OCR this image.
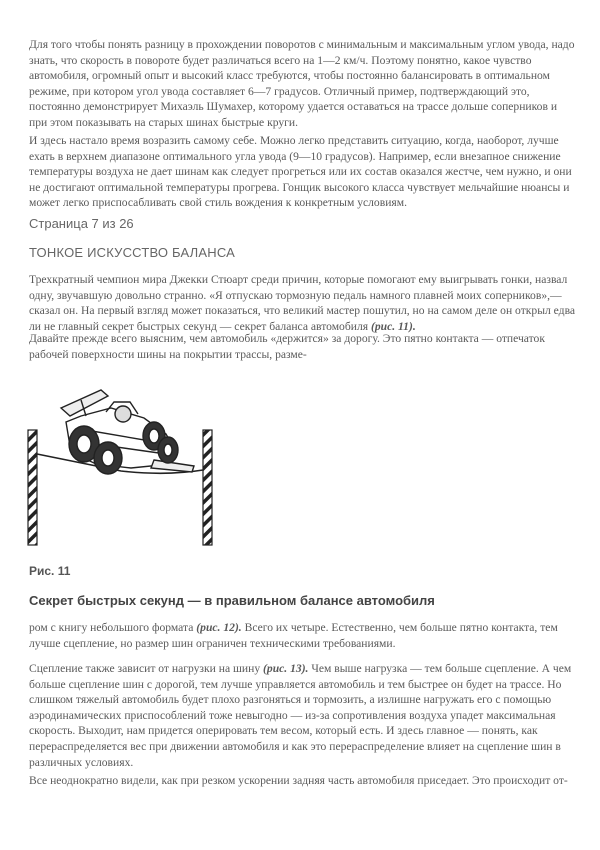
Для того чтобы понять разницу в прохождении поворотов с минимальным и максимальным углом увода, надо знать, что скорость в повороте будет различаться всего на 1—2 км/ч. Поэтому понятно, какое чувство автомобиля, огромный опыт и высокий класс требуются, чтобы постоянно балансировать в оптимальном режиме, при котором угол увода составляет 6—7 градусов. Отличный пример, подтверждающий это, постоянно демонстрирует Михаэль Шумахер, которому удается оставаться на трассе дольше соперников и при этом показывать на старых шинах быстрые круги.

И здесь настало время возразить самому себе. Можно легко представить ситуацию, когда, наоборот, лучше ехать в верхнем диапазоне оптимального угла увода (9—10 градусов). Например, если внезапное снижение температуры воздуха не дает шинам как следует прогреться или их состав оказался жестче, чем нужно, и они не достигают оптимальной температуры прогрева. Гонщик высокого класса чувствует мельчайшие нюансы и может легко приспосабливать свой стиль вождения к конкретным условиям.

Страница 7 из 26
ТОНКОЕ ИСКУССТВО БАЛАНСА

Трехкратный чемпион мира Джекки Стюарт среди причин, которые помогают ему выигрывать гонки, назвал одну, звучавшую довольно странно. «Я отпускаю тормозную педаль намного плавней моих соперников»,— сказал он. На первый взгляд может показаться, что великий мастер пошутил, но на самом деле он открыл едва ли не главный секрет быстрых секунд — секрет баланса автомобиля (рис. 11).

Давайте прежде всего выясним, чем автомобиль «держится» за дорогу. Это пятно контакта — отпечаток рабочей поверхности шины на покрытии трассы, разме-

Рис. 11
Секрет быстрых секунд — в правильном балансе автомобиля

ром с книгу небольшого формата (рис. 12). Всего их четыре. Естественно, чем больше пятно контакта, тем лучше сцепление, но размер шин ограничен техническими требованиями.

Сцепление также зависит от нагрузки на шину (рис. 13). Чем выше нагрузка — тем больше сцепление. А чем больше сцепление шин с дорогой, тем лучше управляется автомобиль и тем быстрее он будет на трассе. Но слишком тяжелый автомобиль будет плохо разгоняться и тормозить, а излишне нагружать его с помощью аэродинамических приспособлений тоже невыгодно — из-за сопротивления воздуха упадет максимальная скорость. Выходит, нам придется оперировать тем весом, который есть. И здесь главное — понять, как перераспределяется вес при движении автомобиля и как это перераспределение влияет на сцепление шин в различных условиях.

Все неоднократно видели, как при резком ускорении задняя часть автомобиля приседает. Это происходит от-
